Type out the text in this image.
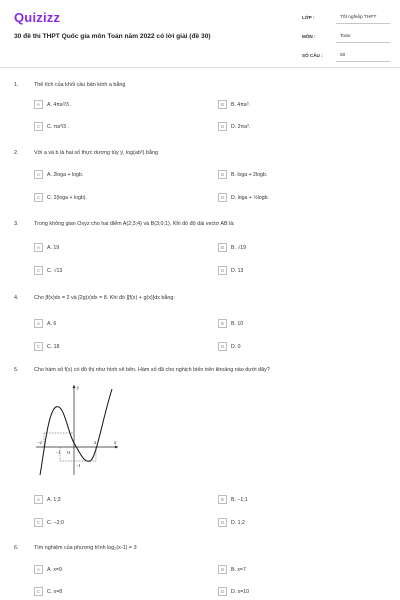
Quizizz
30 đề thi THPT Quốc gia môn Toán năm 2022 có lời giải (đề 30)
LỚP :	Tốt nghiệp THPT
MÔN :	Toán
SỐ CÂU :	50
1.	Thể tích của khối cầu bán kính a bằng
A	A. 4πa³/3 .	B	B. 4πa³.
C	C. πa³/3 .	D	D. 2πa³.
2.	Với a và b là hai số thực dương tùy ý, log(ab²) bằng
A	A. 2loga + logb.	B	B. loga + 2logb.
C	C. 2(loga + logb).	D	D. loga + ½logb.
3.	Trong không gian Oxyz cho hai điểm A(2;3;4) và B(3;0;1). Khi đó độ dài vectơ AB là:
A	A. 19	B	B. √19
C	C. √13	D	D. 13
4.	Cho ∫f(x)dx = 2 và ∫2g(x)dx = 8. Khi đó ∫[f(x) + g(x)]dx bằng:
A	A. 6	B	B. 10
C	C. 18	D	D. 0
5.	Cho hàm số f(x) có đồ thị như hình vẽ bên. Hàm số đã cho nghịch biến trên khoảng nào dưới đây?
y
x
−2
−1 O
2
−1
A	A. 1;3	B	B. −1;1
C	C. −2;0	D	D. 1;2
6.	Tìm nghiệm của phương trình log₂(x-1) = 3
A	A. x=9	B	B. x=7
C	C. x=8	D	D. x=10
